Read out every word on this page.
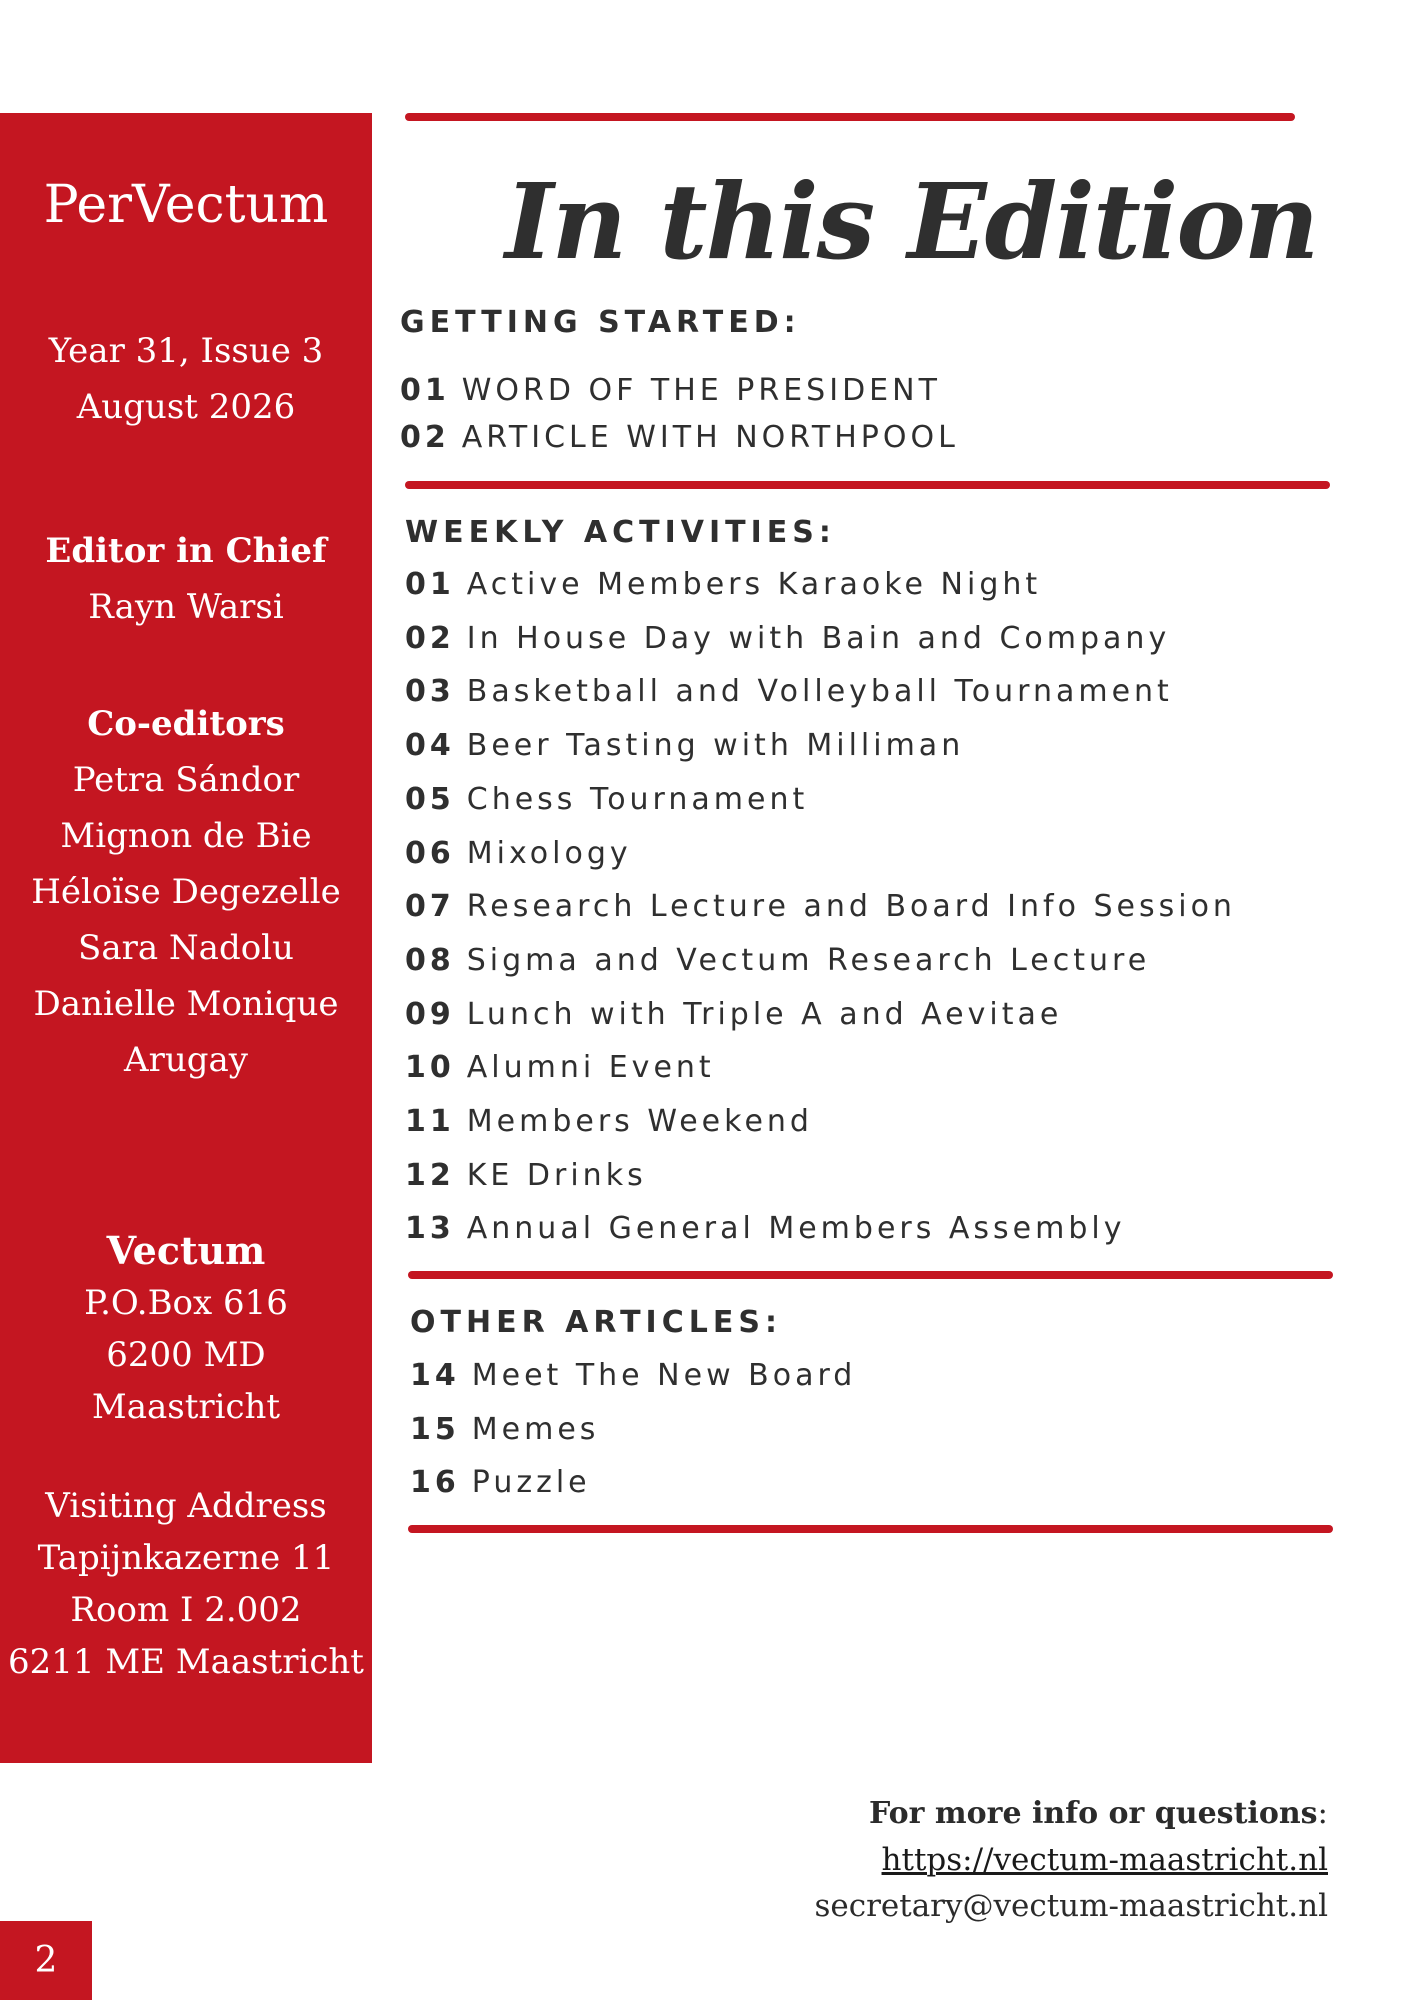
PerVectum
Year 31, Issue 3
August 2026
Editor in Chief
Rayn Warsi
Co-editors
Petra Sándor
Mignon de Bie
Héloïse Degezelle
Sara Nadolu
Danielle Monique
Arugay
Vectum
P.O.Box 616
6200 MD
Maastricht
Visiting Address
Tapijnkazerne 11
Room I 2.002
6211 ME Maastricht
2
In this Edition
GETTING STARTED:
01 WORD OF THE PRESIDENT
02 ARTICLE WITH NORTHPOOL
WEEKLY ACTIVITIES:
01 Active Members Karaoke Night
02 In House Day with Bain and Company
03 Basketball and Volleyball Tournament
04 Beer Tasting with Milliman
05 Chess Tournament
06 Mixology
07 Research Lecture and Board Info Session
08 Sigma and Vectum Research Lecture
09 Lunch with Triple A and Aevitae
10 Alumni Event
11 Members Weekend
12 KE Drinks
13 Annual General Members Assembly
OTHER ARTICLES:
14 Meet The New Board
15 Memes
16 Puzzle
For more info or questions:
https://vectum-maastricht.nl
secretary@vectum-maastricht.nl
